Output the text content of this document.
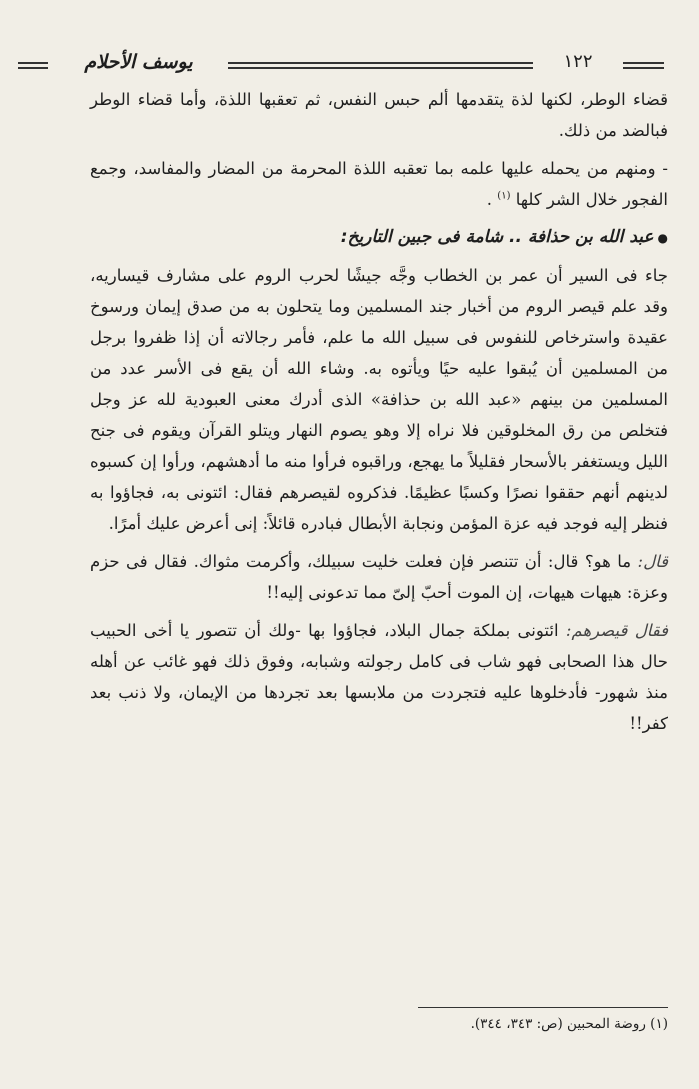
يوسف الأحلام	١٢٢

قضاء الوطر، لكنها لذة يتقدمها ألم حبس النفس، ثم تعقبها اللذة، وأما قضاء الوطر فبالضد من ذلك.

- ومنهم من يحمله عليها علمه بما تعقبه اللذة المحرمة من المضار والمفاسد، وجمع الفجور خلال الشر كلها $^{(١)}$ .

●عبد الله بن حذافة .. شامة فى جبين التاريخ:

جاء فى السير أن عمر بن الخطاب وجَّه جيشًا لحرب الروم على مشارف قيساريه، وقد علم قيصر الروم من أخبار جند المسلمين وما يتحلون به من صدق إيمان ورسوخ عقيدة واسترخاص للنفوس فى سبيل الله ما علم، فأمر رجالاته أن إذا ظفروا برجل من المسلمين أن يُبقوا عليه حيًا ويأتوه به. وشاء الله أن يقع فى الأسر عدد من المسلمين من بينهم «عبد الله بن حذافة» الذى أدرك معنى العبودية لله عز وجل فتخلص من رق المخلوقين فلا نراه إلا وهو يصوم النهار ويتلو القرآن ويقوم فى جنح الليل ويستغفر بالأسحار فقليلاً ما يهجع، وراقبوه فرأوا منه ما أدهشهم، ورأوا إن كسبوه لدينهم أنهم حققوا نصرًا وكسبًا عظيمًا. فذكروه لقيصرهم فقال: ائتونى به، فجاؤوا به فنظر إليه فوجد فيه عزة المؤمن ونجابة الأبطال فبادره قائلاً: إنى أعرض عليك أمرًا.

قال: ما هو؟ قال: أن تتنصر فإن فعلت خليت سبيلك، وأكرمت مثواك. فقال فى حزم وعزة: هيهات هيهات، إن الموت أحبّ إلىّ مما تدعونى إليه!!

فقال قيصرهم: ائتونى بملكة جمال البلاد، فجاؤوا بها -ولك أن تتصور يا أخى الحبيب حال هذا الصحابى فهو شاب فى كامل رجولته وشبابه، وفوق ذلك فهو غائب عن أهله منذ شهور- فأدخلوها عليه فتجردت من ملابسها بعد تجردها من الإيمان، ولا ذنب بعد كفر!!

(١) روضة المحبين (ص: ٣٤٣، ٣٤٤).
